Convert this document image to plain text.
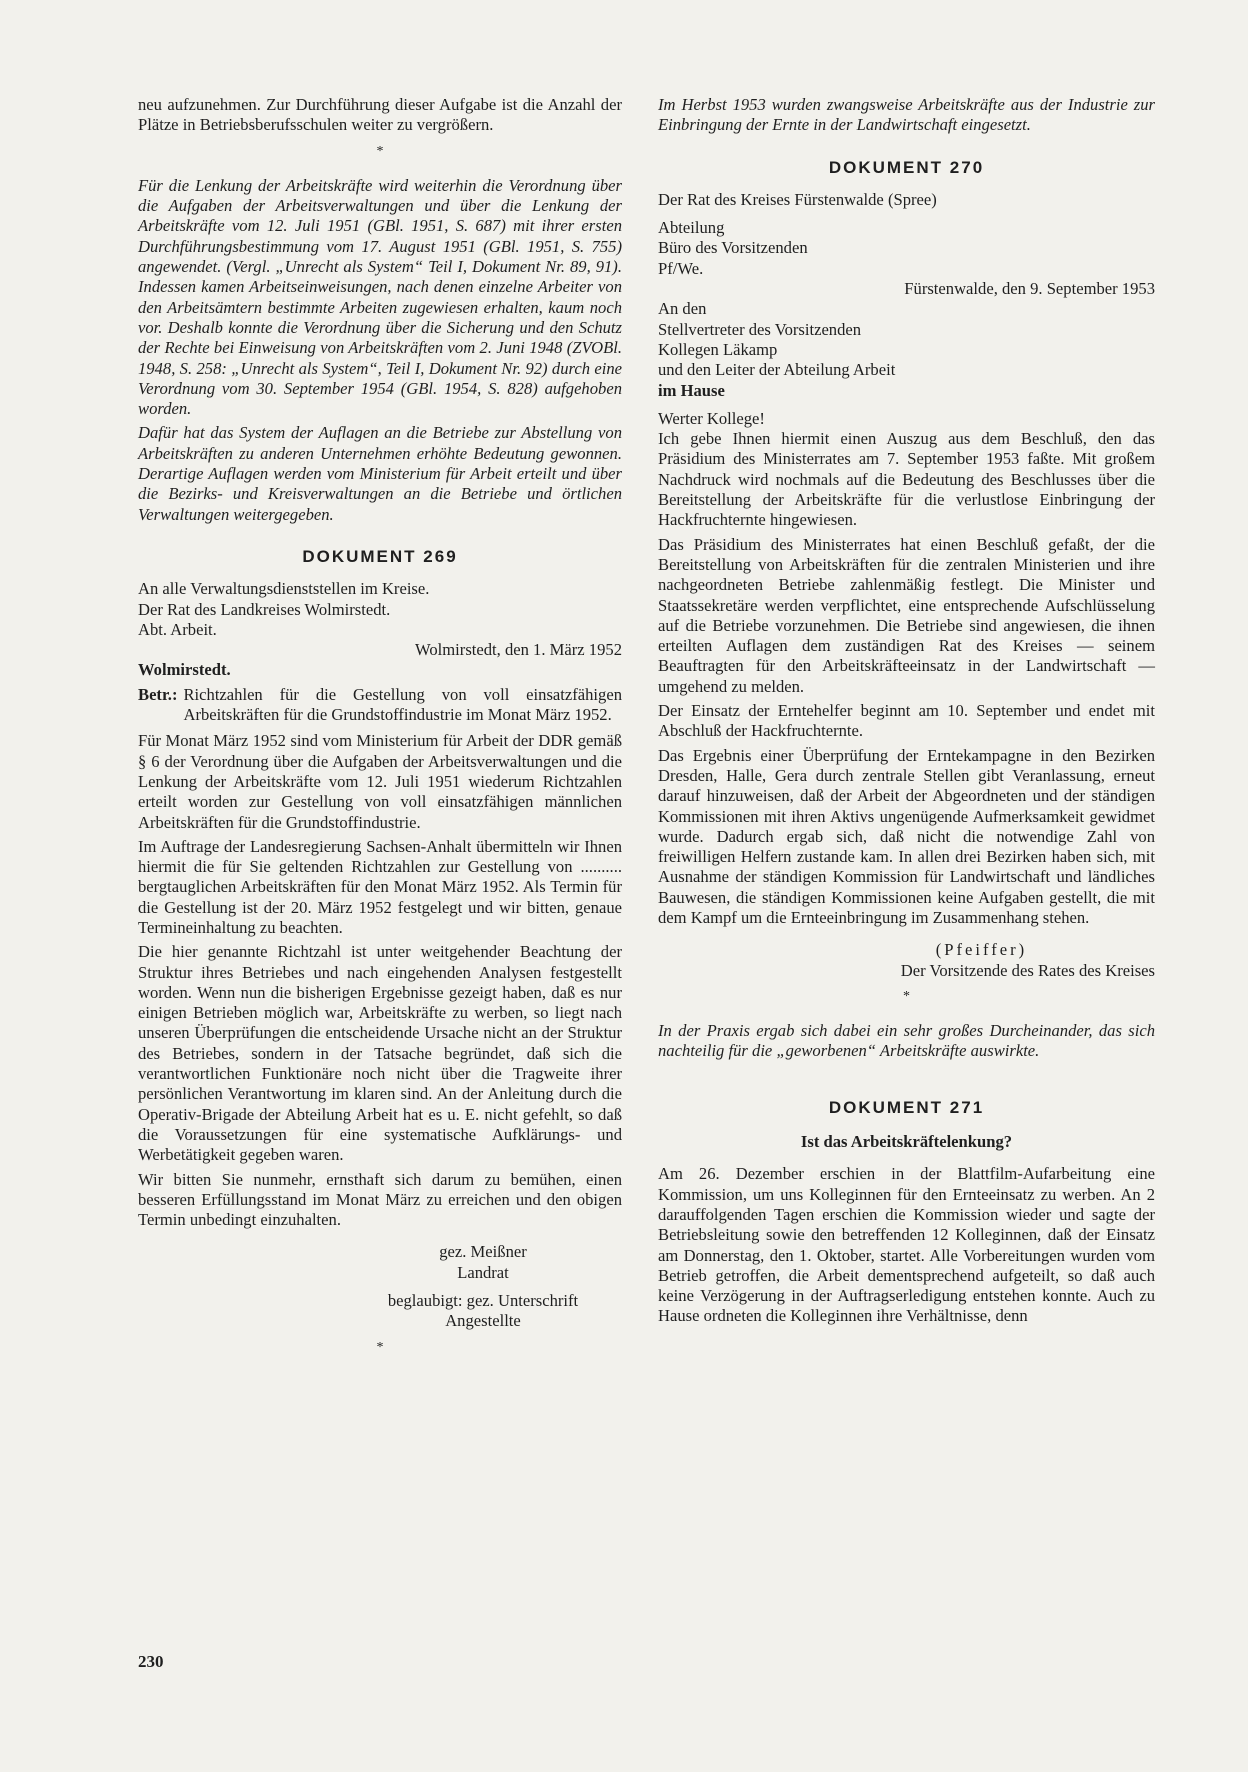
neu aufzunehmen. Zur Durchführung dieser Aufgabe ist die Anzahl der Plätze in Betriebsberufsschulen weiter zu vergrößern.

*

Für die Lenkung der Arbeitskräfte wird weiterhin die Verordnung über die Aufgaben der Arbeitsverwaltungen und über die Lenkung der Arbeitskräfte vom 12. Juli 1951 (GBl. 1951, S. 687) mit ihrer ersten Durchführungsbestimmung vom 17. August 1951 (GBl. 1951, S. 755) angewendet. (Vergl. „Unrecht als System“ Teil I, Dokument Nr. 89, 91). Indessen kamen Arbeitseinweisungen, nach denen einzelne Arbeiter von den Arbeitsämtern bestimmte Arbeiten zugewiesen erhalten, kaum noch vor. Deshalb konnte die Verordnung über die Sicherung und den Schutz der Rechte bei Einweisung von Arbeitskräften vom 2. Juni 1948 (ZVOBl. 1948, S. 258: „Unrecht als System“, Teil I, Dokument Nr. 92) durch eine Verordnung vom 30. September 1954 (GBl. 1954, S. 828) aufgehoben worden.

Dafür hat das System der Auflagen an die Betriebe zur Abstellung von Arbeitskräften zu anderen Unternehmen erhöhte Bedeutung gewonnen. Derartige Auflagen werden vom Ministerium für Arbeit erteilt und über die Bezirks- und Kreisverwaltungen an die Betriebe und örtlichen Verwaltungen weitergegeben.

DOKUMENT 269
An alle Verwaltungsdienststellen im Kreise.
Der Rat des Landkreises Wolmirstedt.
Abt. Arbeit.
Wolmirstedt, den 1. März 1952
Wolmirstedt.
Betr.: Richtzahlen für die Gestellung von voll einsatzfähigen Arbeitskräften für die Grundstoffindustrie im Monat März 1952.

Für Monat März 1952 sind vom Ministerium für Arbeit der DDR gemäß § 6 der Verordnung über die Aufgaben der Arbeitsverwaltungen und die Lenkung der Arbeitskräfte vom 12. Juli 1951 wiederum Richtzahlen erteilt worden zur Gestellung von voll einsatzfähigen männlichen Arbeitskräften für die Grundstoffindustrie.

Im Auftrage der Landesregierung Sachsen-Anhalt übermitteln wir Ihnen hiermit die für Sie geltenden Richtzahlen zur Gestellung von .......... bergtauglichen Arbeitskräften für den Monat März 1952. Als Termin für die Gestellung ist der 20. März 1952 festgelegt und wir bitten, genaue Termineinhaltung zu beachten.

Die hier genannte Richtzahl ist unter weitgehender Beachtung der Struktur ihres Betriebes und nach eingehenden Analysen festgestellt worden. Wenn nun die bisherigen Ergebnisse gezeigt haben, daß es nur einigen Betrieben möglich war, Arbeitskräfte zu werben, so liegt nach unseren Überprüfungen die entscheidende Ursache nicht an der Struktur des Betriebes, sondern in der Tatsache begründet, daß sich die verantwortlichen Funktionäre noch nicht über die Tragweite ihrer persönlichen Verantwortung im klaren sind. An der Anleitung durch die Operativ-Brigade der Abteilung Arbeit hat es u. E. nicht gefehlt, so daß die Voraussetzungen für eine systematische Aufklärungs- und Werbetätigkeit gegeben waren.

Wir bitten Sie nunmehr, ernsthaft sich darum zu bemühen, einen besseren Erfüllungsstand im Monat März zu erreichen und den obigen Termin unbedingt einzuhalten.

gez. Meißner
Landrat
beglaubigt: gez. Unterschrift
Angestellte
*

Im Herbst 1953 wurden zwangsweise Arbeitskräfte aus der Industrie zur Einbringung der Ernte in der Landwirtschaft eingesetzt.

DOKUMENT 270
Der Rat des Kreises Fürstenwalde (Spree)
Abteilung
Büro des Vorsitzenden
Pf/We.
Fürstenwalde, den 9. September 1953
An den
Stellvertreter des Vorsitzenden
Kollegen Läkamp
und den Leiter der Abteilung Arbeit
im Hause
Werter Kollege!

Ich gebe Ihnen hiermit einen Auszug aus dem Beschluß, den das Präsidium des Ministerrates am 7. September 1953 faßte. Mit großem Nachdruck wird nochmals auf die Bedeutung des Beschlusses über die Bereitstellung der Arbeitskräfte für die verlustlose Einbringung der Hackfruchternte hingewiesen.

Das Präsidium des Ministerrates hat einen Beschluß gefaßt, der die Bereitstellung von Arbeitskräften für die zentralen Ministerien und ihre nachgeordneten Betriebe zahlenmäßig festlegt. Die Minister und Staatssekretäre werden verpflichtet, eine entsprechende Aufschlüsselung auf die Betriebe vorzunehmen. Die Betriebe sind angewiesen, die ihnen erteilten Auflagen dem zuständigen Rat des Kreises — seinem Beauftragten für den Arbeitskräfteeinsatz in der Landwirtschaft — umgehend zu melden.

Der Einsatz der Erntehelfer beginnt am 10. September und endet mit Abschluß der Hackfruchternte.

Das Ergebnis einer Überprüfung der Erntekampagne in den Bezirken Dresden, Halle, Gera durch zentrale Stellen gibt Veranlassung, erneut darauf hinzuweisen, daß der Arbeit der Abgeordneten und der ständigen Kommissionen mit ihren Aktivs ungenügende Aufmerksamkeit gewidmet wurde. Dadurch ergab sich, daß nicht die notwendige Zahl von freiwilligen Helfern zustande kam. In allen drei Bezirken haben sich, mit Ausnahme der ständigen Kommission für Landwirtschaft und ländliches Bauwesen, die ständigen Kommissionen keine Aufgaben gestellt, die mit dem Kampf um die Ernteeinbringung im Zusammenhang stehen.

(Pfeiffer)
Der Vorsitzende des Rates des Kreises
*

In der Praxis ergab sich dabei ein sehr großes Durcheinander, das sich nachteilig für die „geworbenen“ Arbeitskräfte auswirkte.

DOKUMENT 271
Ist das Arbeitskräftelenkung?

Am 26. Dezember erschien in der Blattfilm-Aufarbeitung eine Kommission, um uns Kolleginnen für den Ernteeinsatz zu werben. An 2 darauffolgenden Tagen erschien die Kommission wieder und sagte der Betriebsleitung sowie den betreffenden 12 Kolleginnen, daß der Einsatz am Donnerstag, den 1. Oktober, startet. Alle Vorbereitungen wurden vom Betrieb getroffen, die Arbeit dementsprechend aufgeteilt, so daß auch keine Verzögerung in der Auftragserledigung entstehen konnte. Auch zu Hause ordneten die Kolleginnen ihre Verhältnisse, denn

230
